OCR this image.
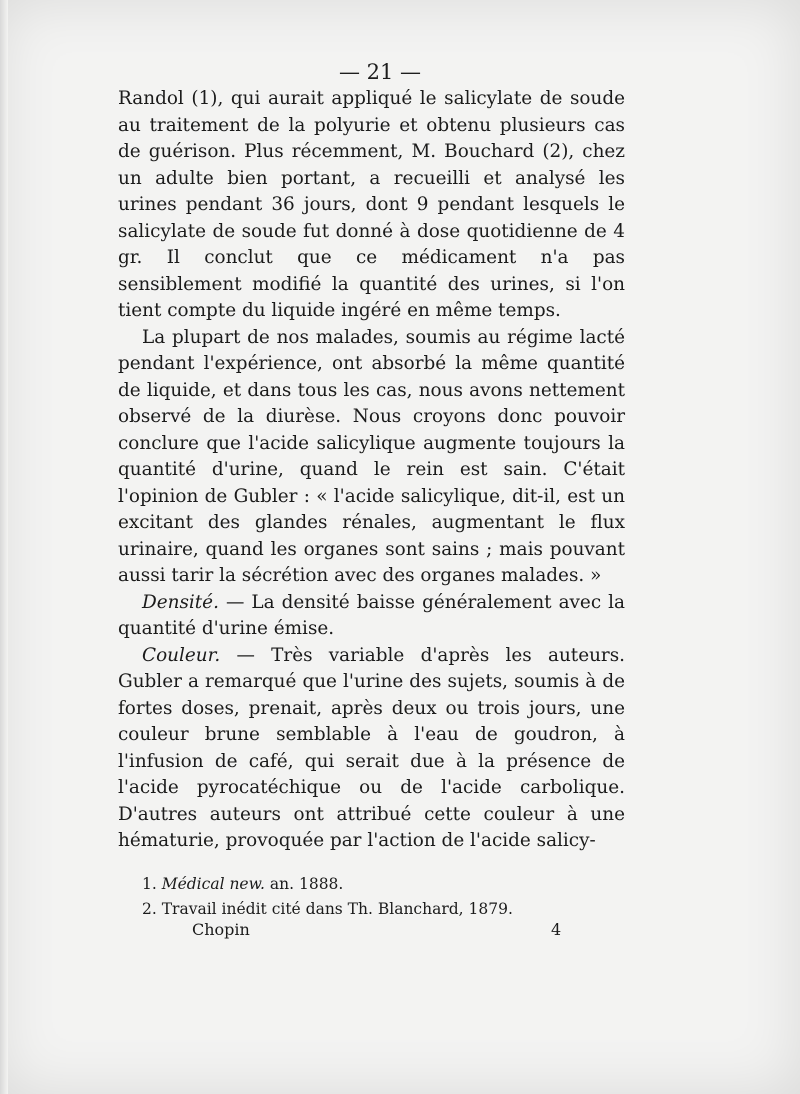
— 21 —

Randol (1), qui aurait appliqué le salicylate de soude au traitement de la polyurie et obtenu plusieurs cas de guérison. Plus récemment, M. Bouchard (2), chez un adulte bien portant, a recueilli et analysé les urines pendant 36 jours, dont 9 pendant lesquels le salicylate de soude fut donné à dose quotidienne de 4 gr. Il conclut que ce médicament n'a pas sensiblement modifié la quantité des urines, si l'on tient compte du liquide ingéré en même temps.

La plupart de nos malades, soumis au régime lacté pendant l'expérience, ont absorbé la même quantité de liquide, et dans tous les cas, nous avons nettement observé de la diurèse. Nous croyons donc pouvoir conclure que l'acide salicylique augmente toujours la quantité d'urine, quand le rein est sain. C'était l'opinion de Gubler : « l'acide salicylique, dit-il, est un excitant des glandes rénales, augmentant le flux urinaire, quand les organes sont sains ; mais pouvant aussi tarir la sécrétion avec des organes malades. »

Densité. — La densité baisse généralement avec la quantité d'urine émise.

Couleur. — Très variable d'après les auteurs. Gubler a remarqué que l'urine des sujets, soumis à de fortes doses, prenait, après deux ou trois jours, une couleur brune semblable à l'eau de goudron, à l'infusion de café, qui serait due à la présence de l'acide pyrocatéchique ou de l'acide carbolique. D'autres auteurs ont attribué cette couleur à une hématurie, provoquée par l'action de l'acide salicy-

1. Médical new. an. 1888.

2. Travail inédit cité dans Th. Blanchard, 1879.

Chopin	4
